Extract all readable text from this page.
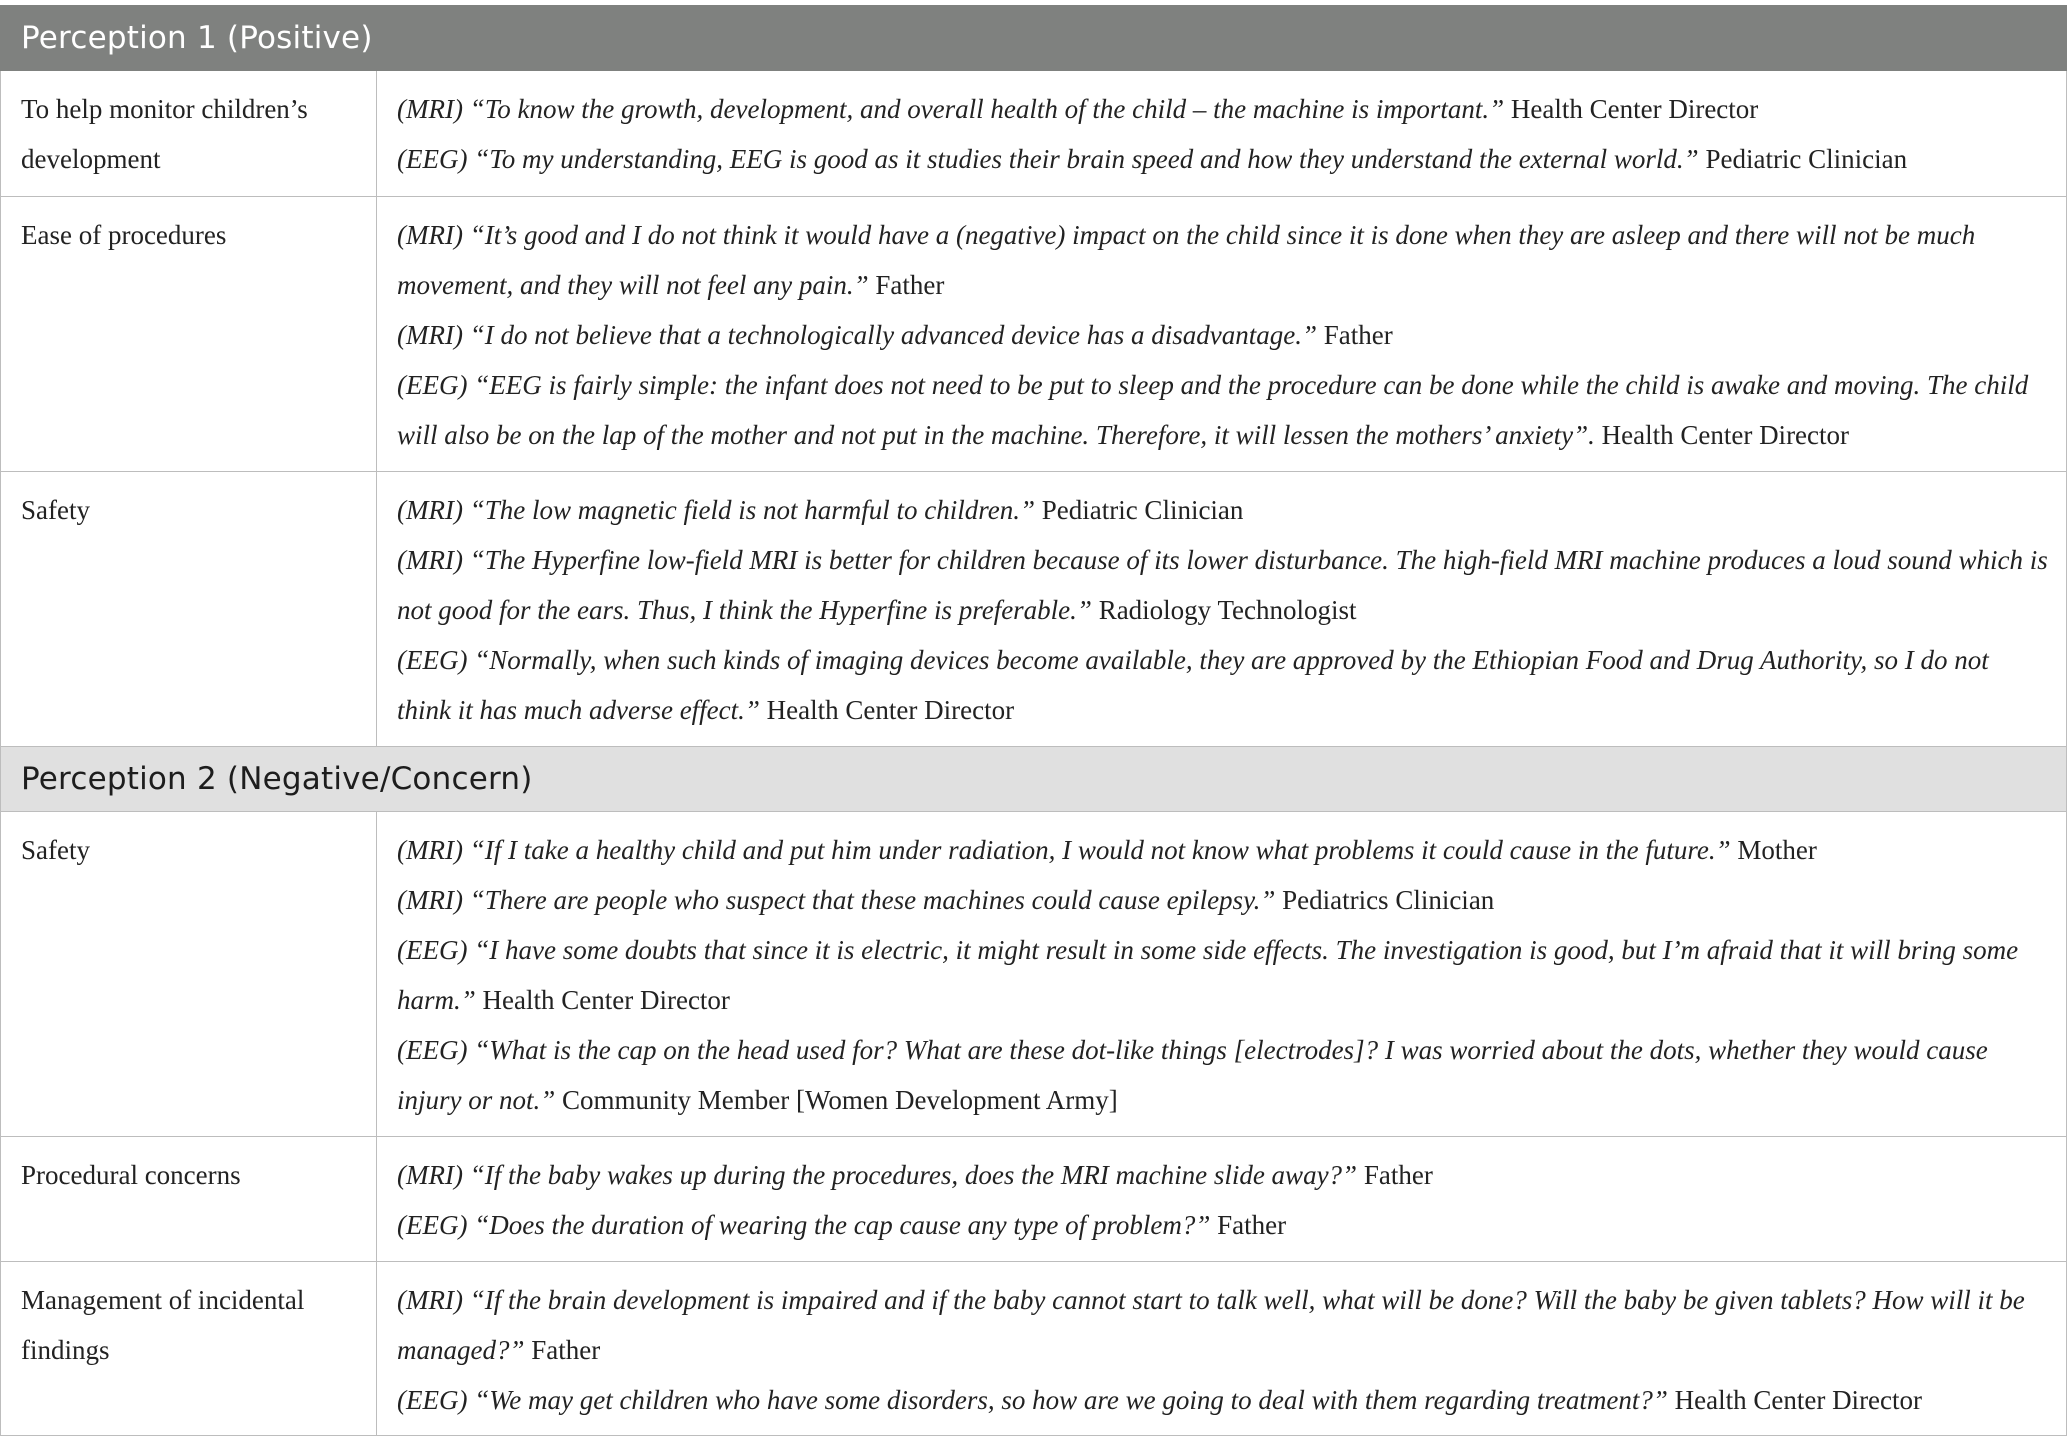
Perception 1 (Positive)	
To help monitor children’s development	(MRI) “To know the growth, development, and overall health of the child – the machine is important.” Health Center Director
(EEG) “To my understanding, EEG is good as it studies their brain speed and how they understand the external world.” Pediatric Clinician

Ease of procedures	(MRI) “It’s good and I do not think it would have a (negative) impact on the child since it is done when they are asleep and there will not be much movement, and they will not feel any pain.” Father
(MRI) “I do not believe that a technologically advanced device has a disadvantage.” Father
(EEG) “EEG is fairly simple: the infant does not need to be put to sleep and the procedure can be done while the child is awake and moving. The child will also be on the lap of the mother and not put in the machine. Therefore, it will lessen the mothers’ anxiety”. Health Center Director

Safety	(MRI) “The low magnetic field is not harmful to children.” Pediatric Clinician
(MRI) “The Hyperfine low-field MRI is better for children because of its lower disturbance. The high-field MRI machine produces a loud sound which is not good for the ears. Thus, I think the Hyperfine is preferable.” Radiology Technologist
(EEG) “Normally, when such kinds of imaging devices become available, they are approved by the Ethiopian Food and Drug Authority, so I do not think it has much adverse effect.” Health Center Director

Perception 2 (Negative/Concern)	
Safety	(MRI) “If I take a healthy child and put him under radiation, I would not know what problems it could cause in the future.” Mother
(MRI) “There are people who suspect that these machines could cause epilepsy.” Pediatrics Clinician
(EEG) “I have some doubts that since it is electric, it might result in some side effects. The investigation is good, but I’m afraid that it will bring some harm.” Health Center Director
(EEG) “What is the cap on the head used for? What are these dot-like things [electrodes]? I was worried about the dots, whether they would cause injury or not.” Community Member [Women Development Army]

Procedural concerns	(MRI) “If the baby wakes up during the procedures, does the MRI machine slide away?” Father
(EEG) “Does the duration of wearing the cap cause any type of problem?” Father

Management of incidental findings	(MRI) “If the brain development is impaired and if the baby cannot start to talk well, what will be done? Will the baby be given tablets? How will it be managed?” Father
(EEG) “We may get children who have some disorders, so how are we going to deal with them regarding treatment?” Health Center Director
